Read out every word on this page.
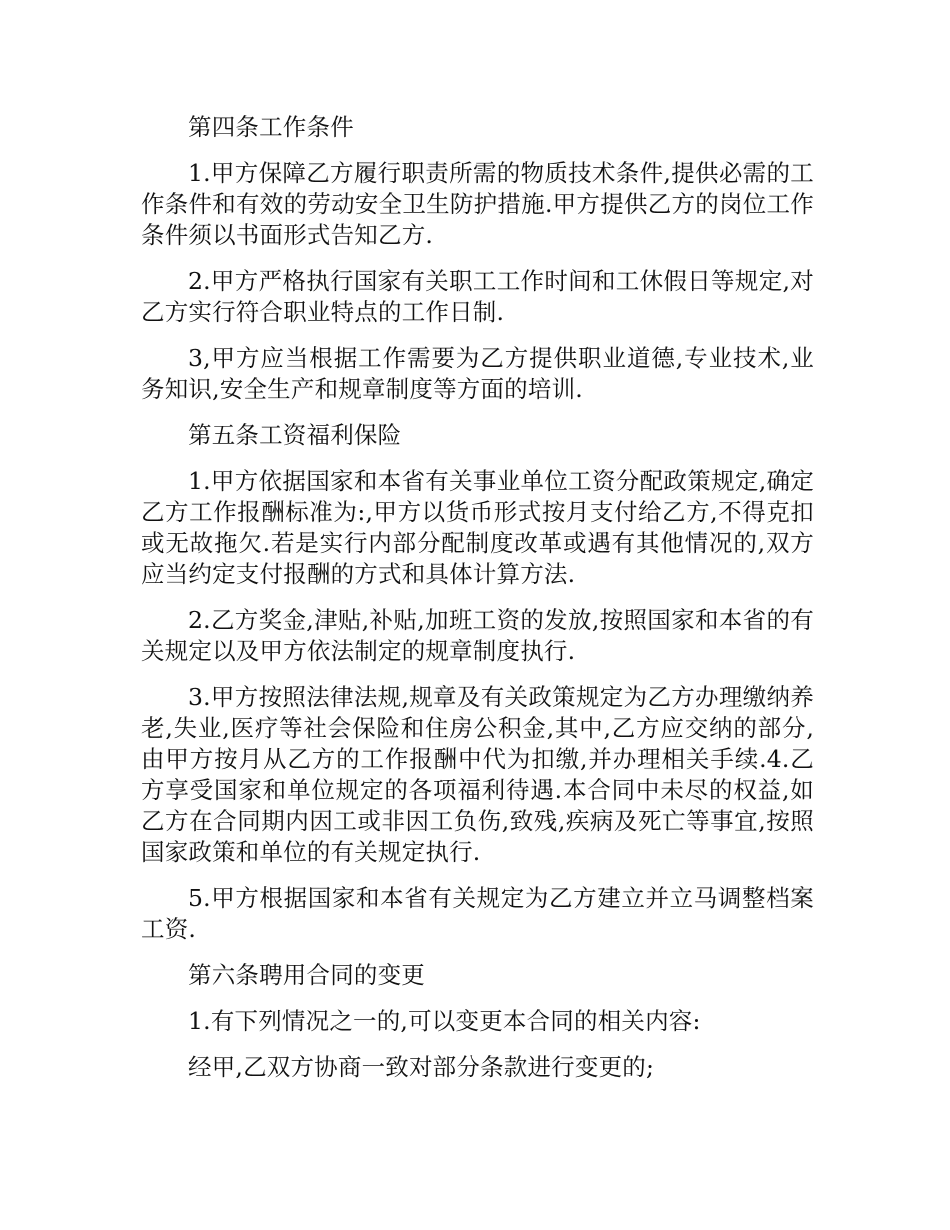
第四条工作条件

1.甲方保障乙方履行职责所需的物质技术条件,提供必需的工作条件和有效的劳动安全卫生防护措施.甲方提供乙方的岗位工作条件须以书面形式告知乙方.

2.甲方严格执行国家有关职工工作时间和工休假日等规定,对乙方实行符合职业特点的工作日制.

3,甲方应当根据工作需要为乙方提供职业道德,专业技术,业务知识,安全生产和规章制度等方面的培训.

第五条工资福利保险

1.甲方依据国家和本省有关事业单位工资分配政策规定,确定乙方工作报酬标准为:,甲方以货币形式按月支付给乙方,不得克扣或无故拖欠.若是实行内部分配制度改革或遇有其他情况的,双方应当约定支付报酬的方式和具体计算方法.

2.乙方奖金,津贴,补贴,加班工资的发放,按照国家和本省的有关规定以及甲方依法制定的规章制度执行.

3.甲方按照法律法规,规章及有关政策规定为乙方办理缴纳养老,失业,医疗等社会保险和住房公积金,其中,乙方应交纳的部分,由甲方按月从乙方的工作报酬中代为扣缴,并办理相关手续.4.乙方享受国家和单位规定的各项福利待遇.本合同中未尽的权益,如乙方在合同期内因工或非因工负伤,致残,疾病及死亡等事宜,按照国家政策和单位的有关规定执行.

5.甲方根据国家和本省有关规定为乙方建立并立马调整档案工资.

第六条聘用合同的变更

1.有下列情况之一的,可以变更本合同的相关内容:

经甲,乙双方协商一致对部分条款进行变更的;
